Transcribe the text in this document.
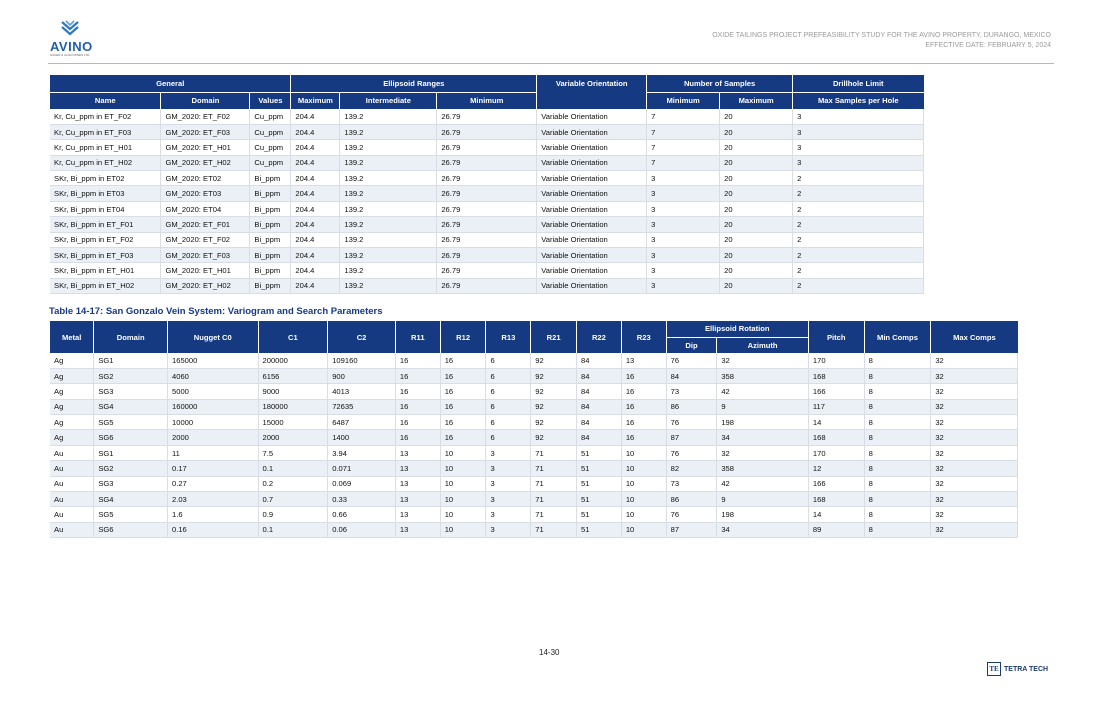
AVINO
SILVER & GOLD MINES LTD.
OXIDE TAILINGS PROJECT PREFEASIBILITY STUDY FOR THE AVINO PROPERTY, DURANGO, MEXICO
EFFECTIVE DATE: FEBRUARY 5, 2024
General			Ellipsoid Ranges			Variable Orientation	Number of Samples		Drillhole Limit
Name	Domain	Values	Maximum	Intermediate	Minimum		Minimum	Maximum	Max Samples per Hole
Kr, Cu_ppm in ET_F02	GM_2020: ET_F02	Cu_ppm	204.4	139.2	26.79	Variable Orientation	7	20	3
Kr, Cu_ppm in ET_F03	GM_2020: ET_F03	Cu_ppm	204.4	139.2	26.79	Variable Orientation	7	20	3
Kr, Cu_ppm in ET_H01	GM_2020: ET_H01	Cu_ppm	204.4	139.2	26.79	Variable Orientation	7	20	3
Kr, Cu_ppm in ET_H02	GM_2020: ET_H02	Cu_ppm	204.4	139.2	26.79	Variable Orientation	7	20	3
SKr, Bi_ppm in ET02	GM_2020: ET02	Bi_ppm	204.4	139.2	26.79	Variable Orientation	3	20	2
SKr, Bi_ppm in ET03	GM_2020: ET03	Bi_ppm	204.4	139.2	26.79	Variable Orientation	3	20	2
SKr, Bi_ppm in ET04	GM_2020: ET04	Bi_ppm	204.4	139.2	26.79	Variable Orientation	3	20	2
SKr, Bi_ppm in ET_F01	GM_2020: ET_F01	Bi_ppm	204.4	139.2	26.79	Variable Orientation	3	20	2
SKr, Bi_ppm in ET_F02	GM_2020: ET_F02	Bi_ppm	204.4	139.2	26.79	Variable Orientation	3	20	2
SKr, Bi_ppm in ET_F03	GM_2020: ET_F03	Bi_ppm	204.4	139.2	26.79	Variable Orientation	3	20	2
SKr, Bi_ppm in ET_H01	GM_2020: ET_H01	Bi_ppm	204.4	139.2	26.79	Variable Orientation	3	20	2
SKr, Bi_ppm in ET_H02	GM_2020: ET_H02	Bi_ppm	204.4	139.2	26.79	Variable Orientation	3	20	2
Table 14-17: San Gonzalo Vein System: Variogram and Search Parameters
Metal	Domain	Nugget C0	C1	C2	R11	R12	R13	R21	R22	R23	Ellipsoid Rotation		Pitch	Min Comps	Max Comps
											Dip	Azimuth			
Ag	SG1	165000	200000	109160	16	16	6	92	84	13	76	32	170	8	32
Ag	SG2	4060	6156	900	16	16	6	92	84	16	84	358	168	8	32
Ag	SG3	5000	9000	4013	16	16	6	92	84	16	73	42	166	8	32
Ag	SG4	160000	180000	72635	16	16	6	92	84	16	86	9	117	8	32
Ag	SG5	10000	15000	6487	16	16	6	92	84	16	76	198	14	8	32
Ag	SG6	2000	2000	1400	16	16	6	92	84	16	87	34	168	8	32
Au	SG1	11	7.5	3.94	13	10	3	71	51	10	76	32	170	8	32
Au	SG2	0.17	0.1	0.071	13	10	3	71	51	10	82	358	12	8	32
Au	SG3	0.27	0.2	0.069	13	10	3	71	51	10	73	42	166	8	32
Au	SG4	2.03	0.7	0.33	13	10	3	71	51	10	86	9	168	8	32
Au	SG5	1.6	0.9	0.66	13	10	3	71	51	10	76	198	14	8	32
Au	SG6	0.16	0.1	0.06	13	10	3	71	51	10	87	34	89	8	32
14-30
TE TETRA TECH
